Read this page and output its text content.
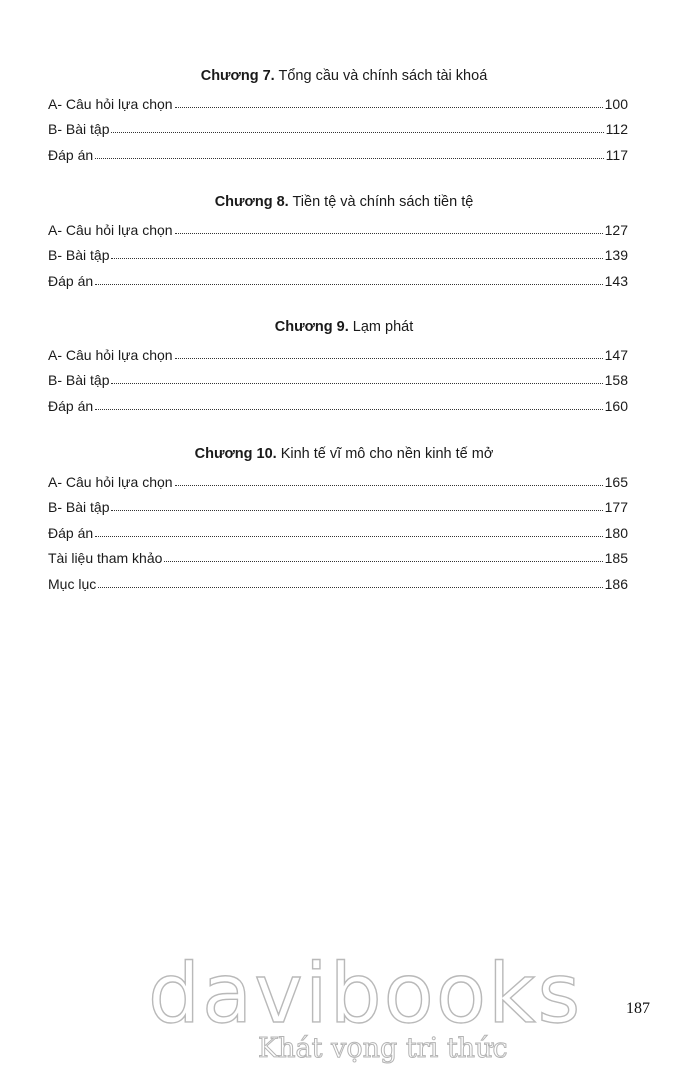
Chương 7. Tổng cầu và chính sách tài khoá
A- Câu hỏi lựa chọn	100
B- Bài tập	112
Đáp án	117
Chương 8. Tiền tệ và chính sách tiền tệ
A- Câu hỏi lựa chọn	127
B- Bài tập	139
Đáp án	143
Chương 9. Lạm phát
A- Câu hỏi lựa chọn	147
B- Bài tập	158
Đáp án	160
Chương 10. Kinh tế vĩ mô cho nền kinh tế mở
A- Câu hỏi lựa chọn	165
B- Bài tập	177
Đáp án	180
Tài liệu tham khảo	185
Mục lục	186
davibooks
Khát vọng tri thức
187
